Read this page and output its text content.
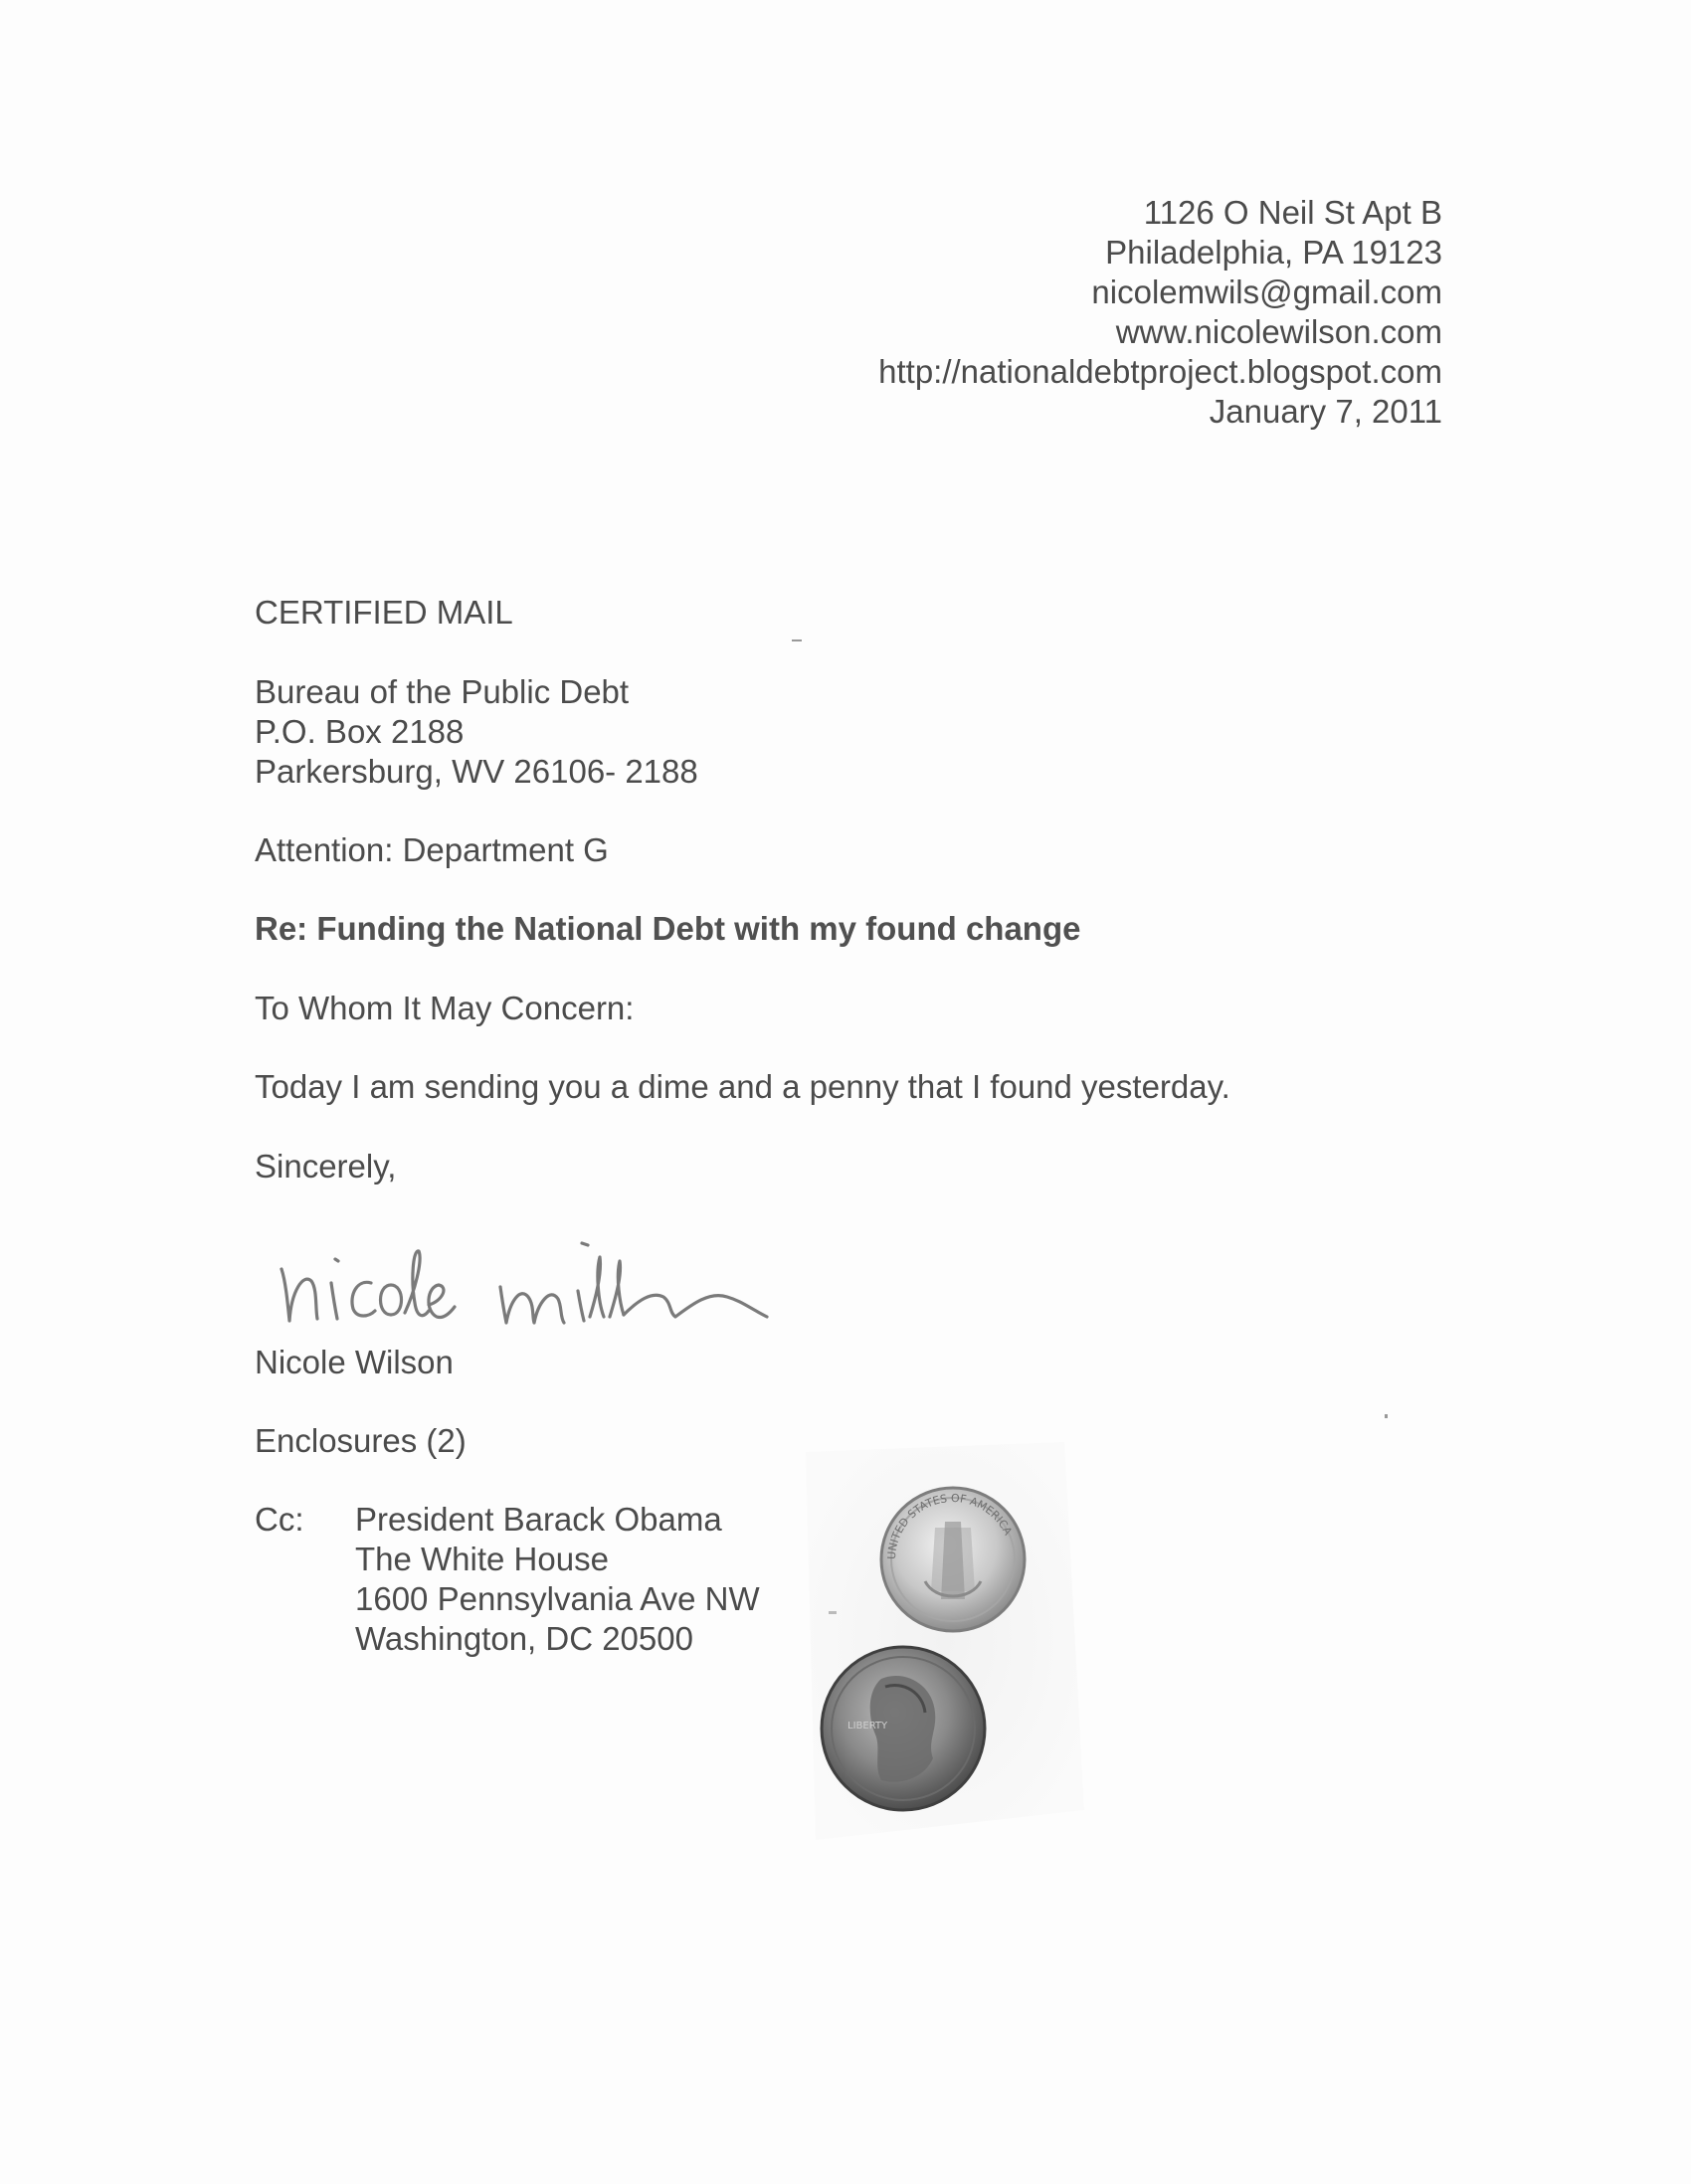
1126 O Neil St Apt B
Philadelphia, PA 19123
nicolemwils@gmail.com
www.nicolewilson.com
http://nationaldebtproject.blogspot.com
January 7, 2011
CERTIFIED MAIL
Bureau of the Public Debt
P.O. Box 2188
Parkersburg, WV 26106- 2188
Attention: Department G
Re: Funding the National Debt with my found change
To Whom It May Concern:
Today I am sending you a dime and a penny that I found yesterday.
Sincerely,
Nicole Wilson
Enclosures (2)
Cc: President Barack Obama
The White House
1600 Pennsylvania Ave NW
Washington, DC 20500
UNITED STATES OF AMERICA
LIBERTY
